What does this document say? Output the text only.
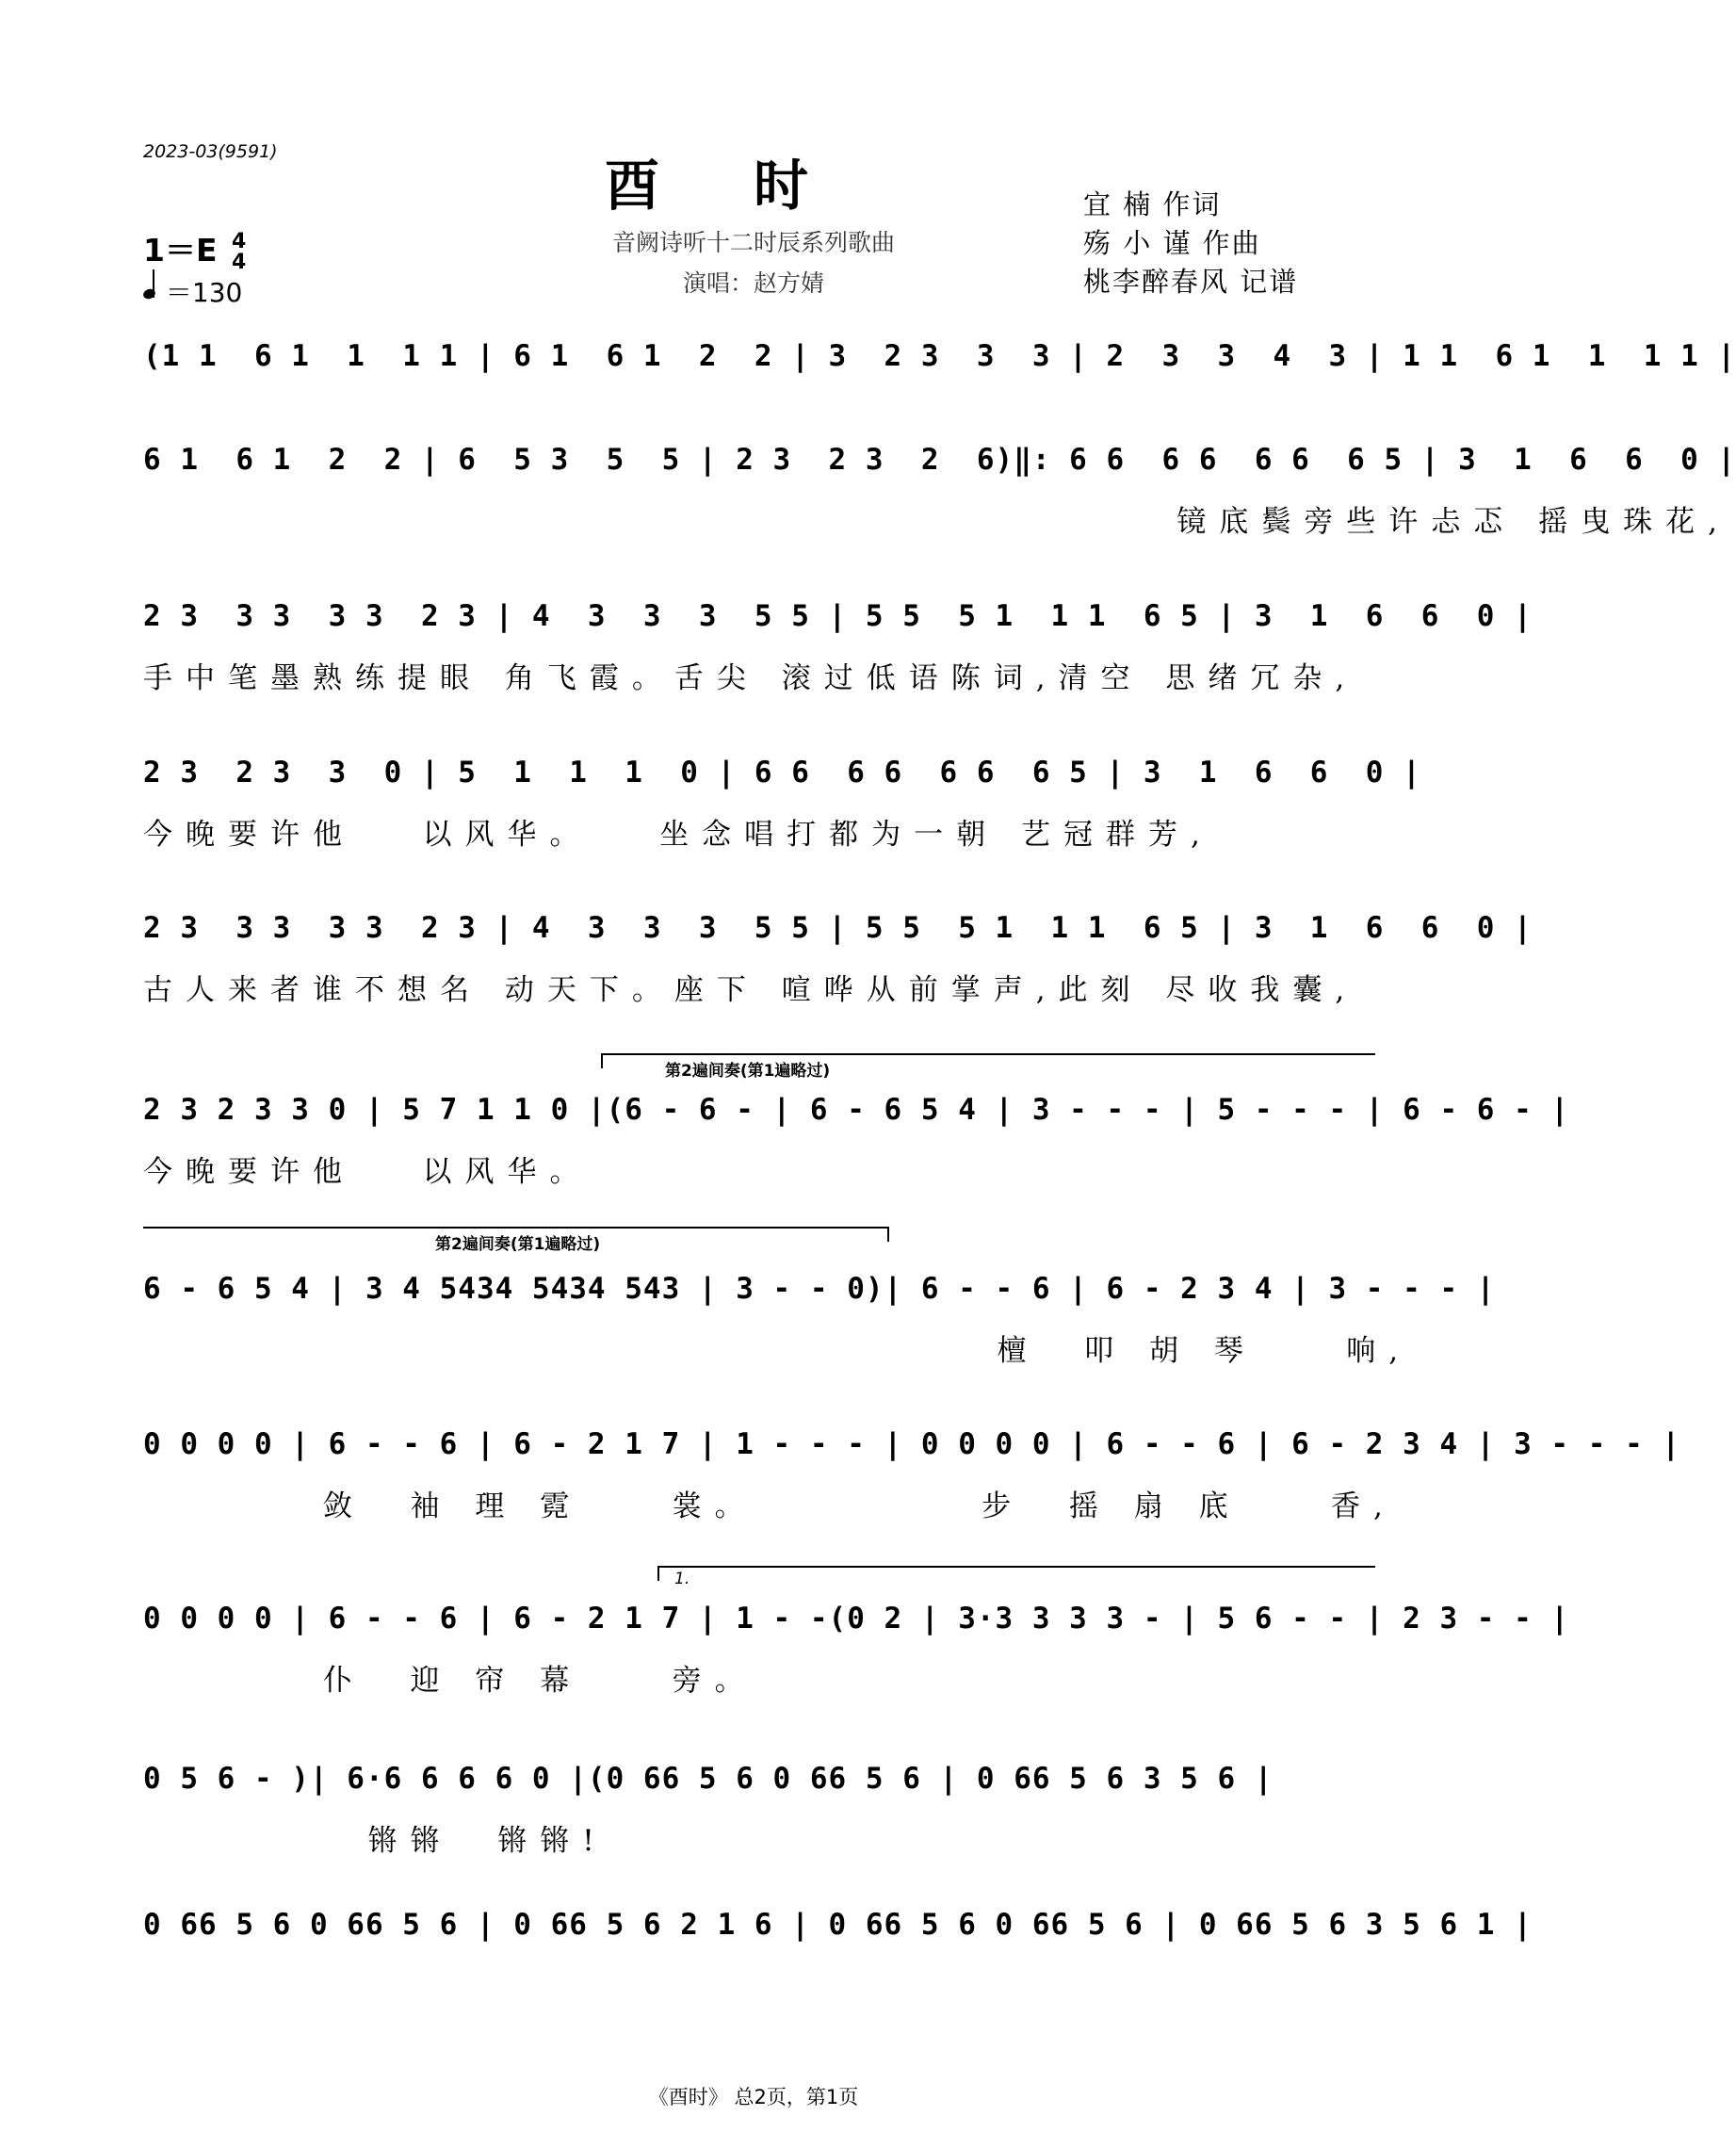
2023-03(9591)
酉时
音阙诗听十二时辰系列歌曲
演唱：赵方婧
宜 楠 作词
殇 小 谨 作曲
桃李醉春风 记谱
1＝E 4
4
＝130
(1 1  6 1  1  1 1 | 6 1  6 1  2  2 | 3  2 3  3  3 | 2  3  3  4  3 | 1 1  6 1  1  1 1 |
6 1  6 1  2  2 | 6  5 3  5  5 | 2 3  2 3  2  6)‖: 6 6  6 6  6 6  6 5 | 3  1  6  6  0 |
镜底鬓旁些许忐忑 摇曳珠花,
2 3  3 3  3 3  2 3 | 4  3  3  3  5 5 | 5 5  5 1  1 1  6 5 | 3  1  6  6  0 |
手中笔墨熟练提眼 角飞霞。舌尖 滚过低语陈词,清空 思绪冗杂,
2 3  2 3  3  0 | 5  1  1  1  0 | 6 6  6 6  6 6  6 5 | 3  1  6  6  0 |
今晚要许他   以风华。   坐念唱打都为一朝 艺冠群芳,
2 3  3 3  3 3  2 3 | 4  3  3  3  5 5 | 5 5  5 1  1 1  6 5 | 3  1  6  6  0 |
古人来者谁不想名 动天下。座下 喧哗从前掌声,此刻 尽收我囊,
第2遍间奏(第1遍略过)
2 3 2 3 3 0 | 5 7 1 1 0 |(6 - 6 - | 6 - 6 5 4 | 3 - - - | 5 - - - | 6 - 6 - |
今晚要许他   以风华。
第2遍间奏(第1遍略过)
6 - 6 5 4 | 3 4 5434 5434 543 | 3 - - 0)| 6 - - 6 | 6 - 2 3 4 | 3 - - - |
檀  叩 胡 琴    响,
0 0 0 0 | 6 - - 6 | 6 - 2 1 7 | 1 - - - | 0 0 0 0 | 6 - - 6 | 6 - 2 3 4 | 3 - - - |
敛  袖 理 霓    裳。          步  摇 扇 底    香,
1.
0 0 0 0 | 6 - - 6 | 6 - 2 1 7 | 1 - -(0 2 | 3·3 3 3 3 - | 5 6 - - | 2 3 - - |
仆  迎 帘 幕    旁。
0 5 6 - )| 6·6 6 6 6 0 |(0 66 5 6 0 66 5 6 | 0 66 5 6 3 5 6 |
锵锵  锵锵!
0 66 5 6 0 66 5 6 | 0 66 5 6 2 1 6 | 0 66 5 6 0 66 5 6 | 0 66 5 6 3 5 6 1 |
《酉时》 总2页，第1页
